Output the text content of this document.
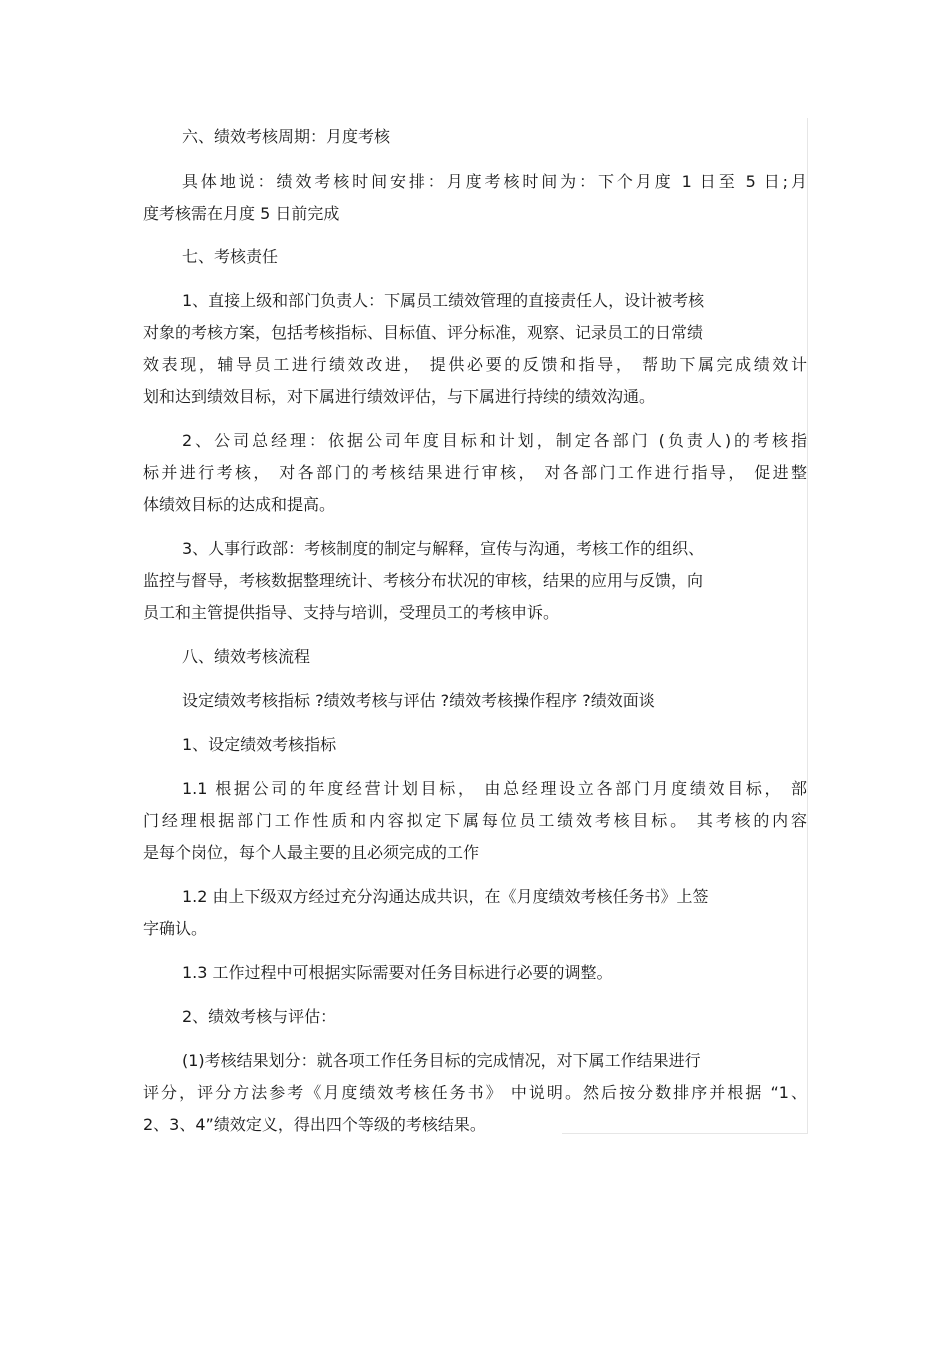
六、绩效考核周期：月度考核
具体地说：绩效考核时间安排：月度考核时间为：下个月度 1 日至 5 日;月
度考核需在月度 5 日前完成
七、考核责任
1、直接上级和部门负责人：下属员工绩效管理的直接责任人，设计被考核
对象的考核方案，包括考核指标、目标值、评分标准，观察、记录员工的日常绩
效表现，辅导员工进行绩效改进， 提供必要的反馈和指导， 帮助下属完成绩效计
划和达到绩效目标，对下属进行绩效评估，与下属进行持续的绩效沟通。
2、公司总经理：依据公司年度目标和计划，制定各部门 (负责人)的考核指
标并进行考核， 对各部门的考核结果进行审核， 对各部门工作进行指导， 促进整
体绩效目标的达成和提高。
3、人事行政部：考核制度的制定与解释，宣传与沟通，考核工作的组织、
监控与督导，考核数据整理统计、考核分布状况的审核，结果的应用与反馈，向
员工和主管提供指导、支持与培训，受理员工的考核申诉。
八、绩效考核流程
设定绩效考核指标 ?绩效考核与评估 ?绩效考核操作程序 ?绩效面谈
1、设定绩效考核指标
1.1 根据公司的年度经营计划目标， 由总经理设立各部门月度绩效目标， 部
门经理根据部门工作性质和内容拟定下属每位员工绩效考核目标。 其考核的内容
是每个岗位，每个人最主要的且必须完成的工作
1.2 由上下级双方经过充分沟通达成共识，在《月度绩效考核任务书》上签
字确认。
1.3 工作过程中可根据实际需要对任务目标进行必要的调整。
2、绩效考核与评估：
(1)考核结果划分：就各项工作任务目标的完成情况，对下属工作结果进行
评分，评分方法参考《月度绩效考核任务书》 中说明。然后按分数排序并根据 “1、
2、3、4”绩效定义，得出四个等级的考核结果。
